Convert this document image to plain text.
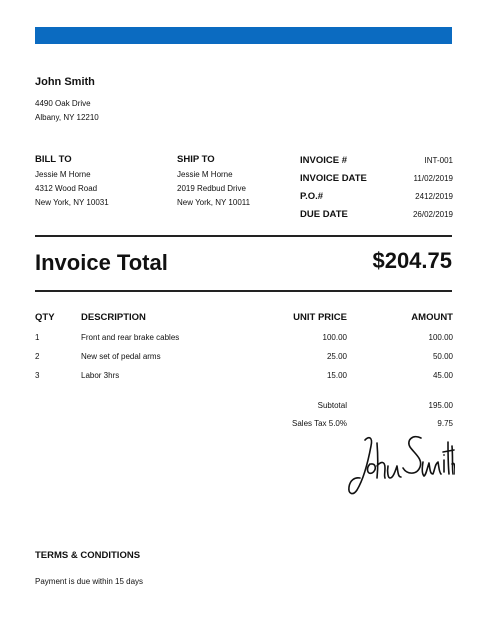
John Smith
4490 Oak Drive
Albany, NY 12210
BILL TO
Jessie M Horne
4312 Wood Road
New York, NY 10031
SHIP TO
Jessie M Horne
2019 Redbud Drive
New York, NY 10011
INVOICE #	INT-001
INVOICE DATE	11/02/2019
P.O.#	2412/2019
DUE DATE	26/02/2019
Invoice Total	$204.75
QTY	DESCRIPTION	UNIT PRICE	AMOUNT
1	Front and rear brake cables	100.00	100.00
2	New set of pedal arms	25.00	50.00
3	Labor 3hrs	15.00	45.00
Subtotal	195.00
Sales Tax 5.0%	9.75
TERMS & CONDITIONS
Payment is due within 15 days
